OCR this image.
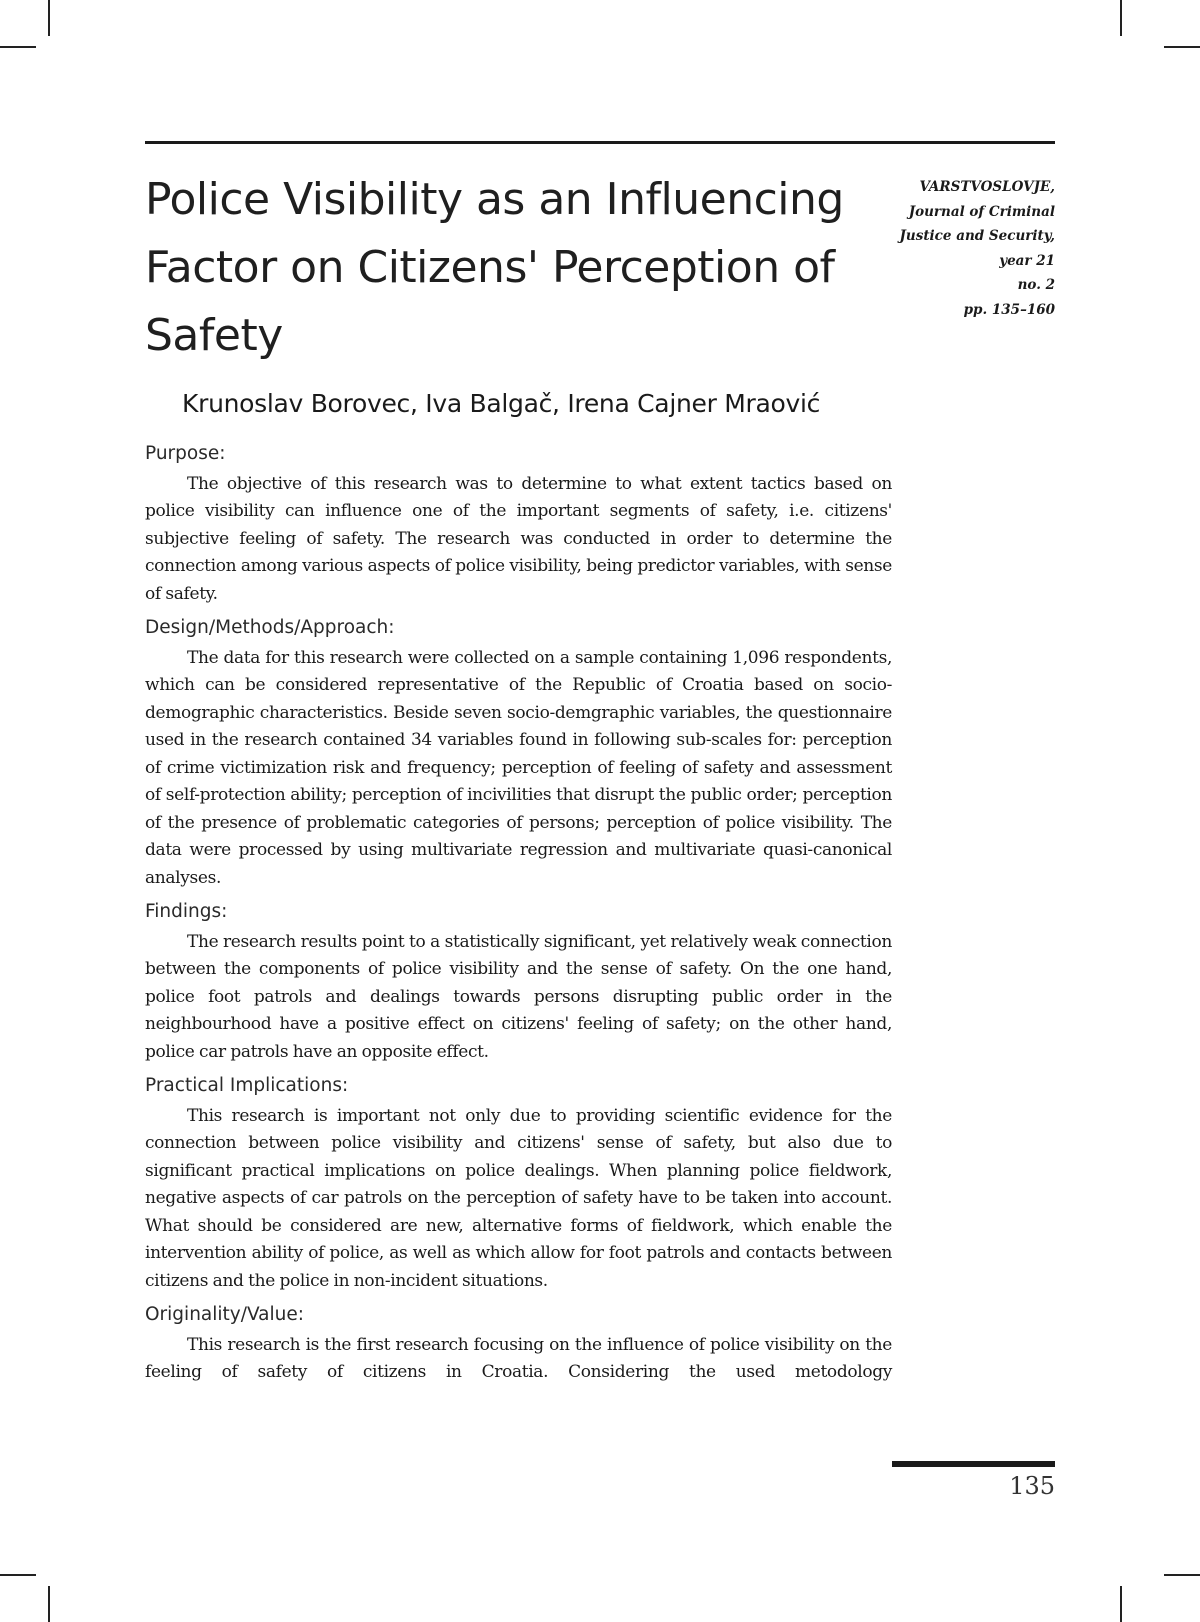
Police Visibility as an Influencing Factor on Citizens' Perception of Safety
VARSTVOSLOVJE,
Journal of Criminal
Justice and Security,
year 21
no. 2
pp. 135–160
Krunoslav Borovec, Iva Balgač, Irena Cajner Mraović
Purpose:

The objective of this research was to determine to what extent tactics based on police visibility can influence one of the important segments of safety, i.e. citizens' subjective feeling of safety. The research was conducted in order to determine the connection among various aspects of police visibility, being predictor variables, with sense of safety.

Design/Methods/Approach:

The data for this research were collected on a sample containing 1,096 respondents, which can be considered representative of the Republic of Croatia based on socio-demographic characteristics. Beside seven socio-demgraphic variables, the questionnaire used in the research contained 34 variables found in following sub-scales for: perception of crime victimization risk and frequency; perception of feeling of safety and assessment of self-protection ability; perception of incivilities that disrupt the public order; perception of the presence of problematic categories of persons; perception of police visibility. The data were processed by using multivariate regression and multivariate quasi-canonical analyses.

Findings:

The research results point to a statistically significant, yet relatively weak connection between the components of police visibility and the sense of safety. On the one hand, police foot patrols and dealings towards persons disrupting public order in the neighbourhood have a positive effect on citizens' feeling of safety; on the other hand, police car patrols have an opposite effect.

Practical Implications:

This research is important not only due to providing scientific evidence for the connection between police visibility and citizens' sense of safety, but also due to significant practical implications on police dealings. When planning police fieldwork, negative aspects of car patrols on the perception of safety have to be taken into account. What should be considered are new, alternative forms of fieldwork, which enable the intervention ability of police, as well as which allow for foot patrols and contacts between citizens and the police in non-incident situations.

Originality/Value:

This research is the first research focusing on the influence of police visibility on the feeling of safety of citizens in Croatia. Considering the used metodology

135
